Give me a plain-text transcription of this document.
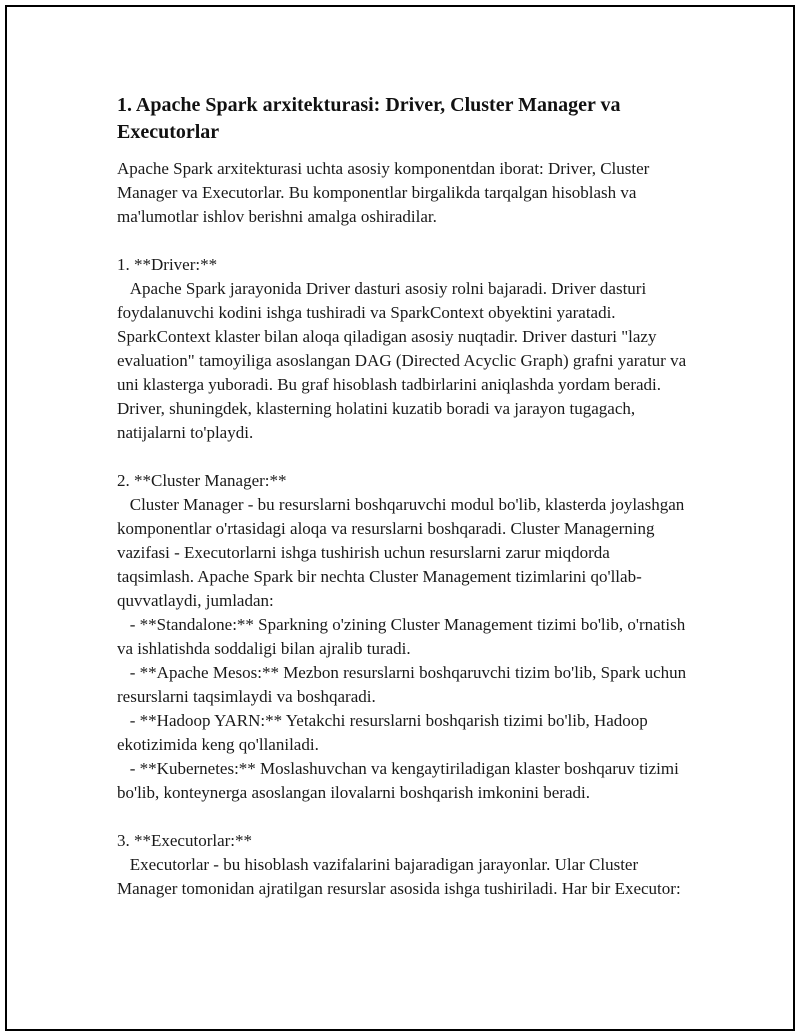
1. Apache Spark arxitekturasi: Driver, Cluster Manager va Executorlar

Apache Spark arxitekturasi uchta asosiy komponentdan iborat: Driver, Cluster Manager va Executorlar. Bu komponentlar birgalikda tarqalgan hisoblash va ma'lumotlar ishlov berishni amalga oshiradilar.

1. **Driver:**

Apache Spark jarayonida Driver dasturi asosiy rolni bajaradi. Driver dasturi foydalanuvchi kodini ishga tushiradi va SparkContext obyektini yaratadi. SparkContext klaster bilan aloqa qiladigan asosiy nuqtadir. Driver dasturi "lazy evaluation" tamoyiliga asoslangan DAG (Directed Acyclic Graph) grafni yaratur va uni klasterga yuboradi. Bu graf hisoblash tadbirlarini aniqlashda yordam beradi. Driver, shuningdek, klasterning holatini kuzatib boradi va jarayon tugagach, natijalarni to'playdi.

2. **Cluster Manager:**

Cluster Manager - bu resurslarni boshqaruvchi modul bo'lib, klasterda joylashgan komponentlar o'rtasidagi aloqa va resurslarni boshqaradi. Cluster Managerning vazifasi - Executorlarni ishga tushirish uchun resurslarni zarur miqdorda taqsimlash. Apache Spark bir nechta Cluster Management tizimlarini qo'llab-quvvatlaydi, jumladan:

- **Standalone:** Sparkning o'zining Cluster Management tizimi bo'lib, o'rnatish va ishlatishda soddaligi bilan ajralib turadi.

- **Apache Mesos:** Mezbon resurslarni boshqaruvchi tizim bo'lib, Spark uchun resurslarni taqsimlaydi va boshqaradi.

- **Hadoop YARN:** Yetakchi resurslarni boshqarish tizimi bo'lib, Hadoop ekotizimida keng qo'llaniladi.

- **Kubernetes:** Moslashuvchan va kengaytiriladigan klaster boshqaruv tizimi bo'lib, konteynerga asoslangan ilovalarni boshqarish imkonini beradi.

3. **Executorlar:**

Executorlar - bu hisoblash vazifalarini bajaradigan jarayonlar. Ular Cluster Manager tomonidan ajratilgan resurslar asosida ishga tushiriladi. Har bir Executor:
